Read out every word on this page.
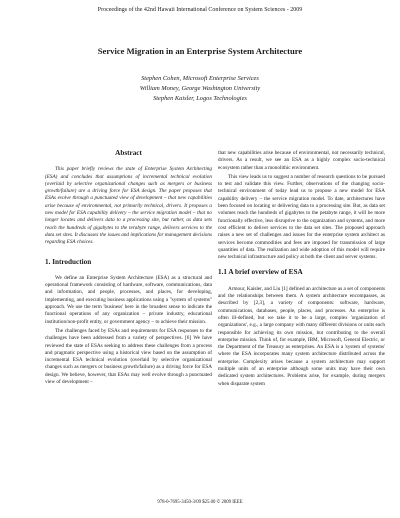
Proceedings of the 42nd Hawaii International Conference on System Sciences - 2009
Service Migration in an Enterprise System Architecture
Stephen Cohen, Microsoft Enterprise Services
William Money, George Washington University
Stephen Kaisler, Logos Technologies
Abstract

This paper briefly reviews the state of Enterprise System Architecting (ESA) and concludes that assumptions of incremental technical evolution (overlaid by selective organizational changes such as mergers or business growth/failure) are a driving force for ESA design. The paper proposes that ESAs evolve through a punctuated view of development – that new capabilities arise because of environmental, not primarily technical, drivers. It proposes a new model for ESA capability delivery – the service migration model – that no longer locates and delivers data to a processing site, but rather, as data sets reach the hundreds of gigabytes to the terabyte range, delivers services to the data set sites. It discusses the issues and implications for management decisions regarding ESA choices.

1. Introduction

We define an Enterprise System Architecture (ESA) as a structural and operational framework consisting of hardware, software, communications, data and information, and people, processes, and places, for developing, implementing, and executing business applications using a "system of systems" approach. We use the term 'business' here in the broadest sense to indicate the functional operations of any organization – private industry, educational institution/non-profit entity, or government agency – to achieve their mission.

The challenges faced by ESAs and requirements for ESA responses to the challenges have been addressed from a variety of perspectives. [6] We have reviewed the state of ESAs seeking to address these challenges from a process and pragmatic perspective using a historical view based on the assumption of incremental ESA technical evolution (overlaid by selective organizational changes such as mergers or business growth/failure) as a driving force for ESA design. We believe, however, that ESAs may well evolve through a punctuated view of development –

that new capabilities arise because of environmental, not necessarily technical, drivers. As a result, we see an ESA as a highly complex socio-technical ecosystem rather than a monolithic environment.

This view leads us to suggest a number of research questions to be pursued to test and validate this view. Further, observations of the changing socio-technical environment of today lead us to propose a new model for ESA capability delivery – the service migration model. To date, architectures have been focused on locating or delivering data to a processing site. But, as data set volumes reach the hundreds of gigabytes to the petabyte range, it will be more functionally effective, less disruptive to the organization and systems, and more cost efficient to deliver services to the data set sites. The proposed approach raises a new set of challenges and issues for the enterprise system architect as services become commodities and fees are imposed for transmission of large quantities of data. The realization and wide adoption of this model will require new technical infrastructure and policy at both the client and server systems.

1.1 A brief overview of ESA

Armour, Kaisler, and Liu [1] defined an architecture as a set of components and the relationships between them. A system architecture encompasses, as described by [2,3], a variety of components: software, hardware, communications, databases, people, places, and processes. An enterprise is often ill-defined, but we take it to be a large, complex 'organization of organizations', e.g., a large company with many different divisions or units each responsible for achieving its own mission, but contributing to the overall enterprise mission. Think of, for example, IBM, Microsoft, General Electric, or the Department of the Treasury as enterprises. An ESA is a 'system of systems' where the ESA incorporates many system architecture distributed across the enterprise. Complexity arises because a system architecture may support multiple units of an enterprise although some units may have their own dedicated system architectures. Problems arise, for example, during mergers when disparate system

978-0-7695-3450-3/09 $25.00 © 2009 IEEE
